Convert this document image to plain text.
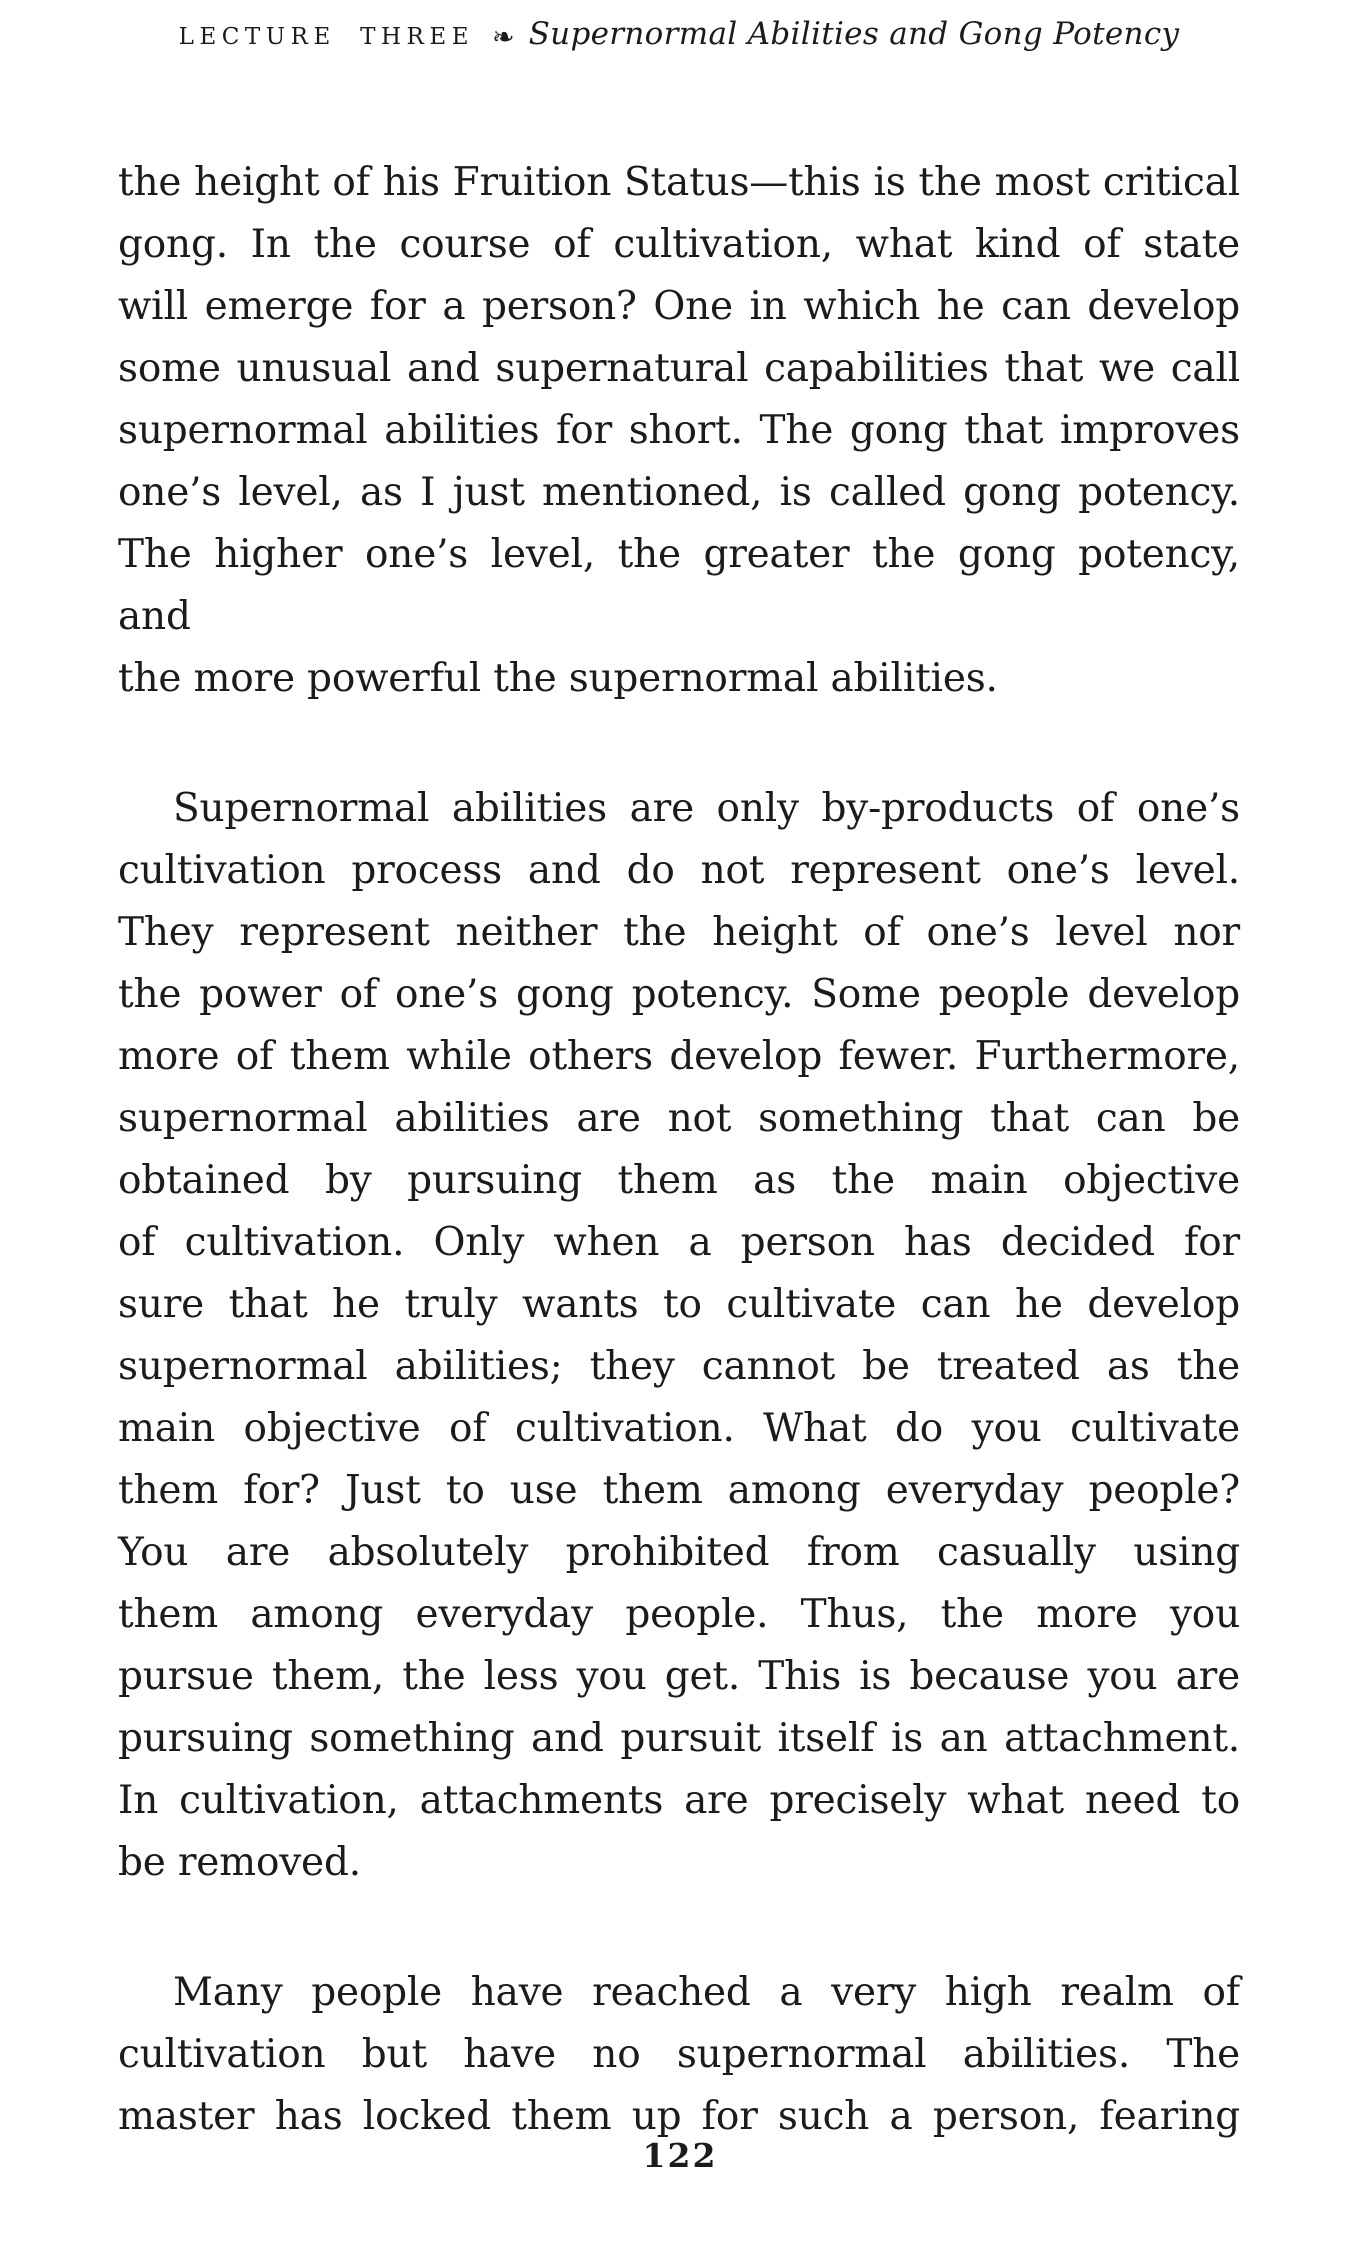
LECTURE THREE ❧ Supernormal Abilities and Gong Potency
the height of his Fruition Status—this is the most critical
gong. In the course of cultivation, what kind of state
will emerge for a person? One in which he can develop
some unusual and supernatural capabilities that we call
supernormal abilities for short. The gong that improves
one’s level, as I just mentioned, is called gong potency.
The higher one’s level, the greater the gong potency, and
the more powerful the supernormal abilities.
Supernormal abilities are only by-products of one’s
cultivation process and do not represent one’s level.
They represent neither the height of one’s level nor
the power of one’s gong potency. Some people develop
more of them while others develop fewer. Furthermore,
supernormal abilities are not something that can be
obtained by pursuing them as the main objective
of cultivation. Only when a person has decided for
sure that he truly wants to cultivate can he develop
supernormal abilities; they cannot be treated as the
main objective of cultivation. What do you cultivate
them for? Just to use them among everyday people?
You are absolutely prohibited from casually using
them among everyday people. Thus, the more you
pursue them, the less you get. This is because you are
pursuing something and pursuit itself is an attachment.
In cultivation, attachments are precisely what need to
be removed.
Many people have reached a very high realm of
cultivation but have no supernormal abilities. The
master has locked them up for such a person, fearing
122
